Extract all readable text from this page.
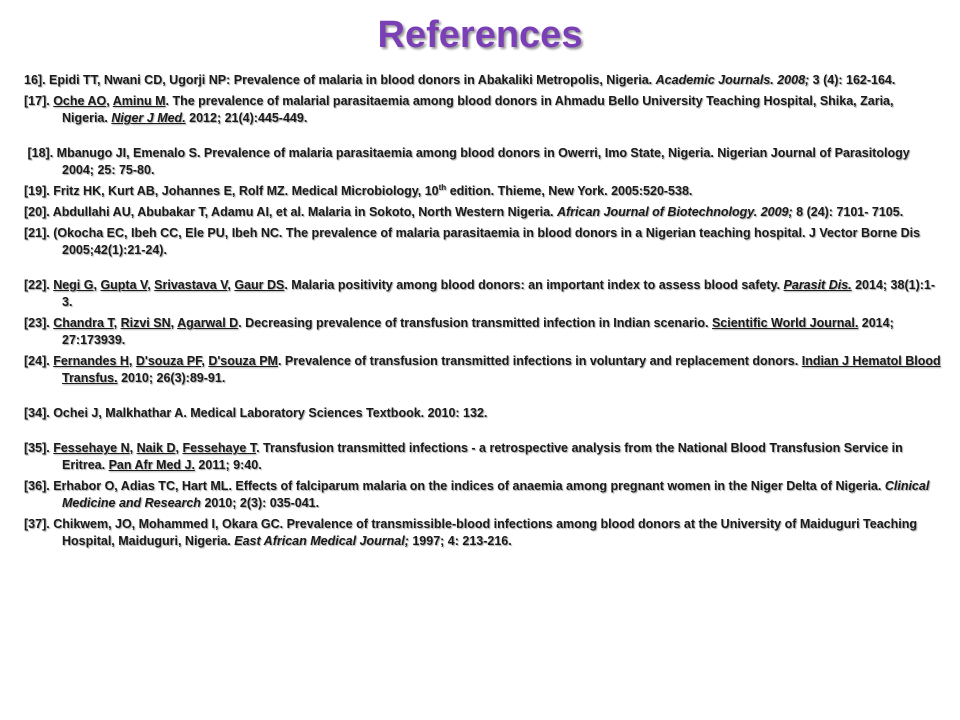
References

16]. Epidi TT, Nwani CD, Ugorji NP: Prevalence of malaria in blood donors in Abakaliki Metropolis, Nigeria. Academic Journals. 2008; 3 (4): 162-164.

[17]. Oche AO, Aminu M. The prevalence of malarial parasitaemia among blood donors in Ahmadu Bello University Teaching Hospital, Shika, Zaria, Nigeria. Niger J Med. 2012; 21(4):445-449.

[18]. Mbanugo JI, Emenalo S. Prevalence of malaria parasitaemia among blood donors in Owerri, Imo State, Nigeria. Nigerian Journal of Parasitology 2004; 25: 75-80.

[19]. Fritz HK, Kurt AB, Johannes E, Rolf MZ. Medical Microbiology, 10th edition. Thieme, New York. 2005:520-538.

[20]. Abdullahi AU, Abubakar T, Adamu AI, et al. Malaria in Sokoto, North Western Nigeria. African Journal of Biotechnology. 2009; 8 (24): 7101- 7105.

[21]. (Okocha EC, Ibeh CC, Ele PU, Ibeh NC. The prevalence of malaria parasitaemia in blood donors in a Nigerian teaching hospital. J Vector Borne Dis 2005;42(1):21-24).

[22]. Negi G, Gupta V, Srivastava V, Gaur DS. Malaria positivity among blood donors: an important index to assess blood safety. Parasit Dis. 2014; 38(1):1-3.

[23]. Chandra T, Rizvi SN, Agarwal D. Decreasing prevalence of transfusion transmitted infection in Indian scenario. Scientific World Journal. 2014; 27:173939.

[24]. Fernandes H, D'souza PF, D'souza PM. Prevalence of transfusion transmitted infections in voluntary and replacement donors. Indian J Hematol Blood Transfus. 2010; 26(3):89-91.

[34]. Ochei J, Malkhathar A. Medical Laboratory Sciences Textbook. 2010: 132.

[35]. Fessehaye N, Naik D, Fessehaye T. Transfusion transmitted infections - a retrospective analysis from the National Blood Transfusion Service in Eritrea. Pan Afr Med J. 2011; 9:40.

[36]. Erhabor O, Adias TC, Hart ML. Effects of falciparum malaria on the indices of anaemia among pregnant women in the Niger Delta of Nigeria. Clinical Medicine and Research 2010; 2(3): 035-041.

[37]. Chikwem, JO, Mohammed I, Okara GC. Prevalence of transmissible-blood infections among blood donors at the University of Maiduguri Teaching Hospital, Maiduguri, Nigeria. East African Medical Journal; 1997; 4: 213-216.
